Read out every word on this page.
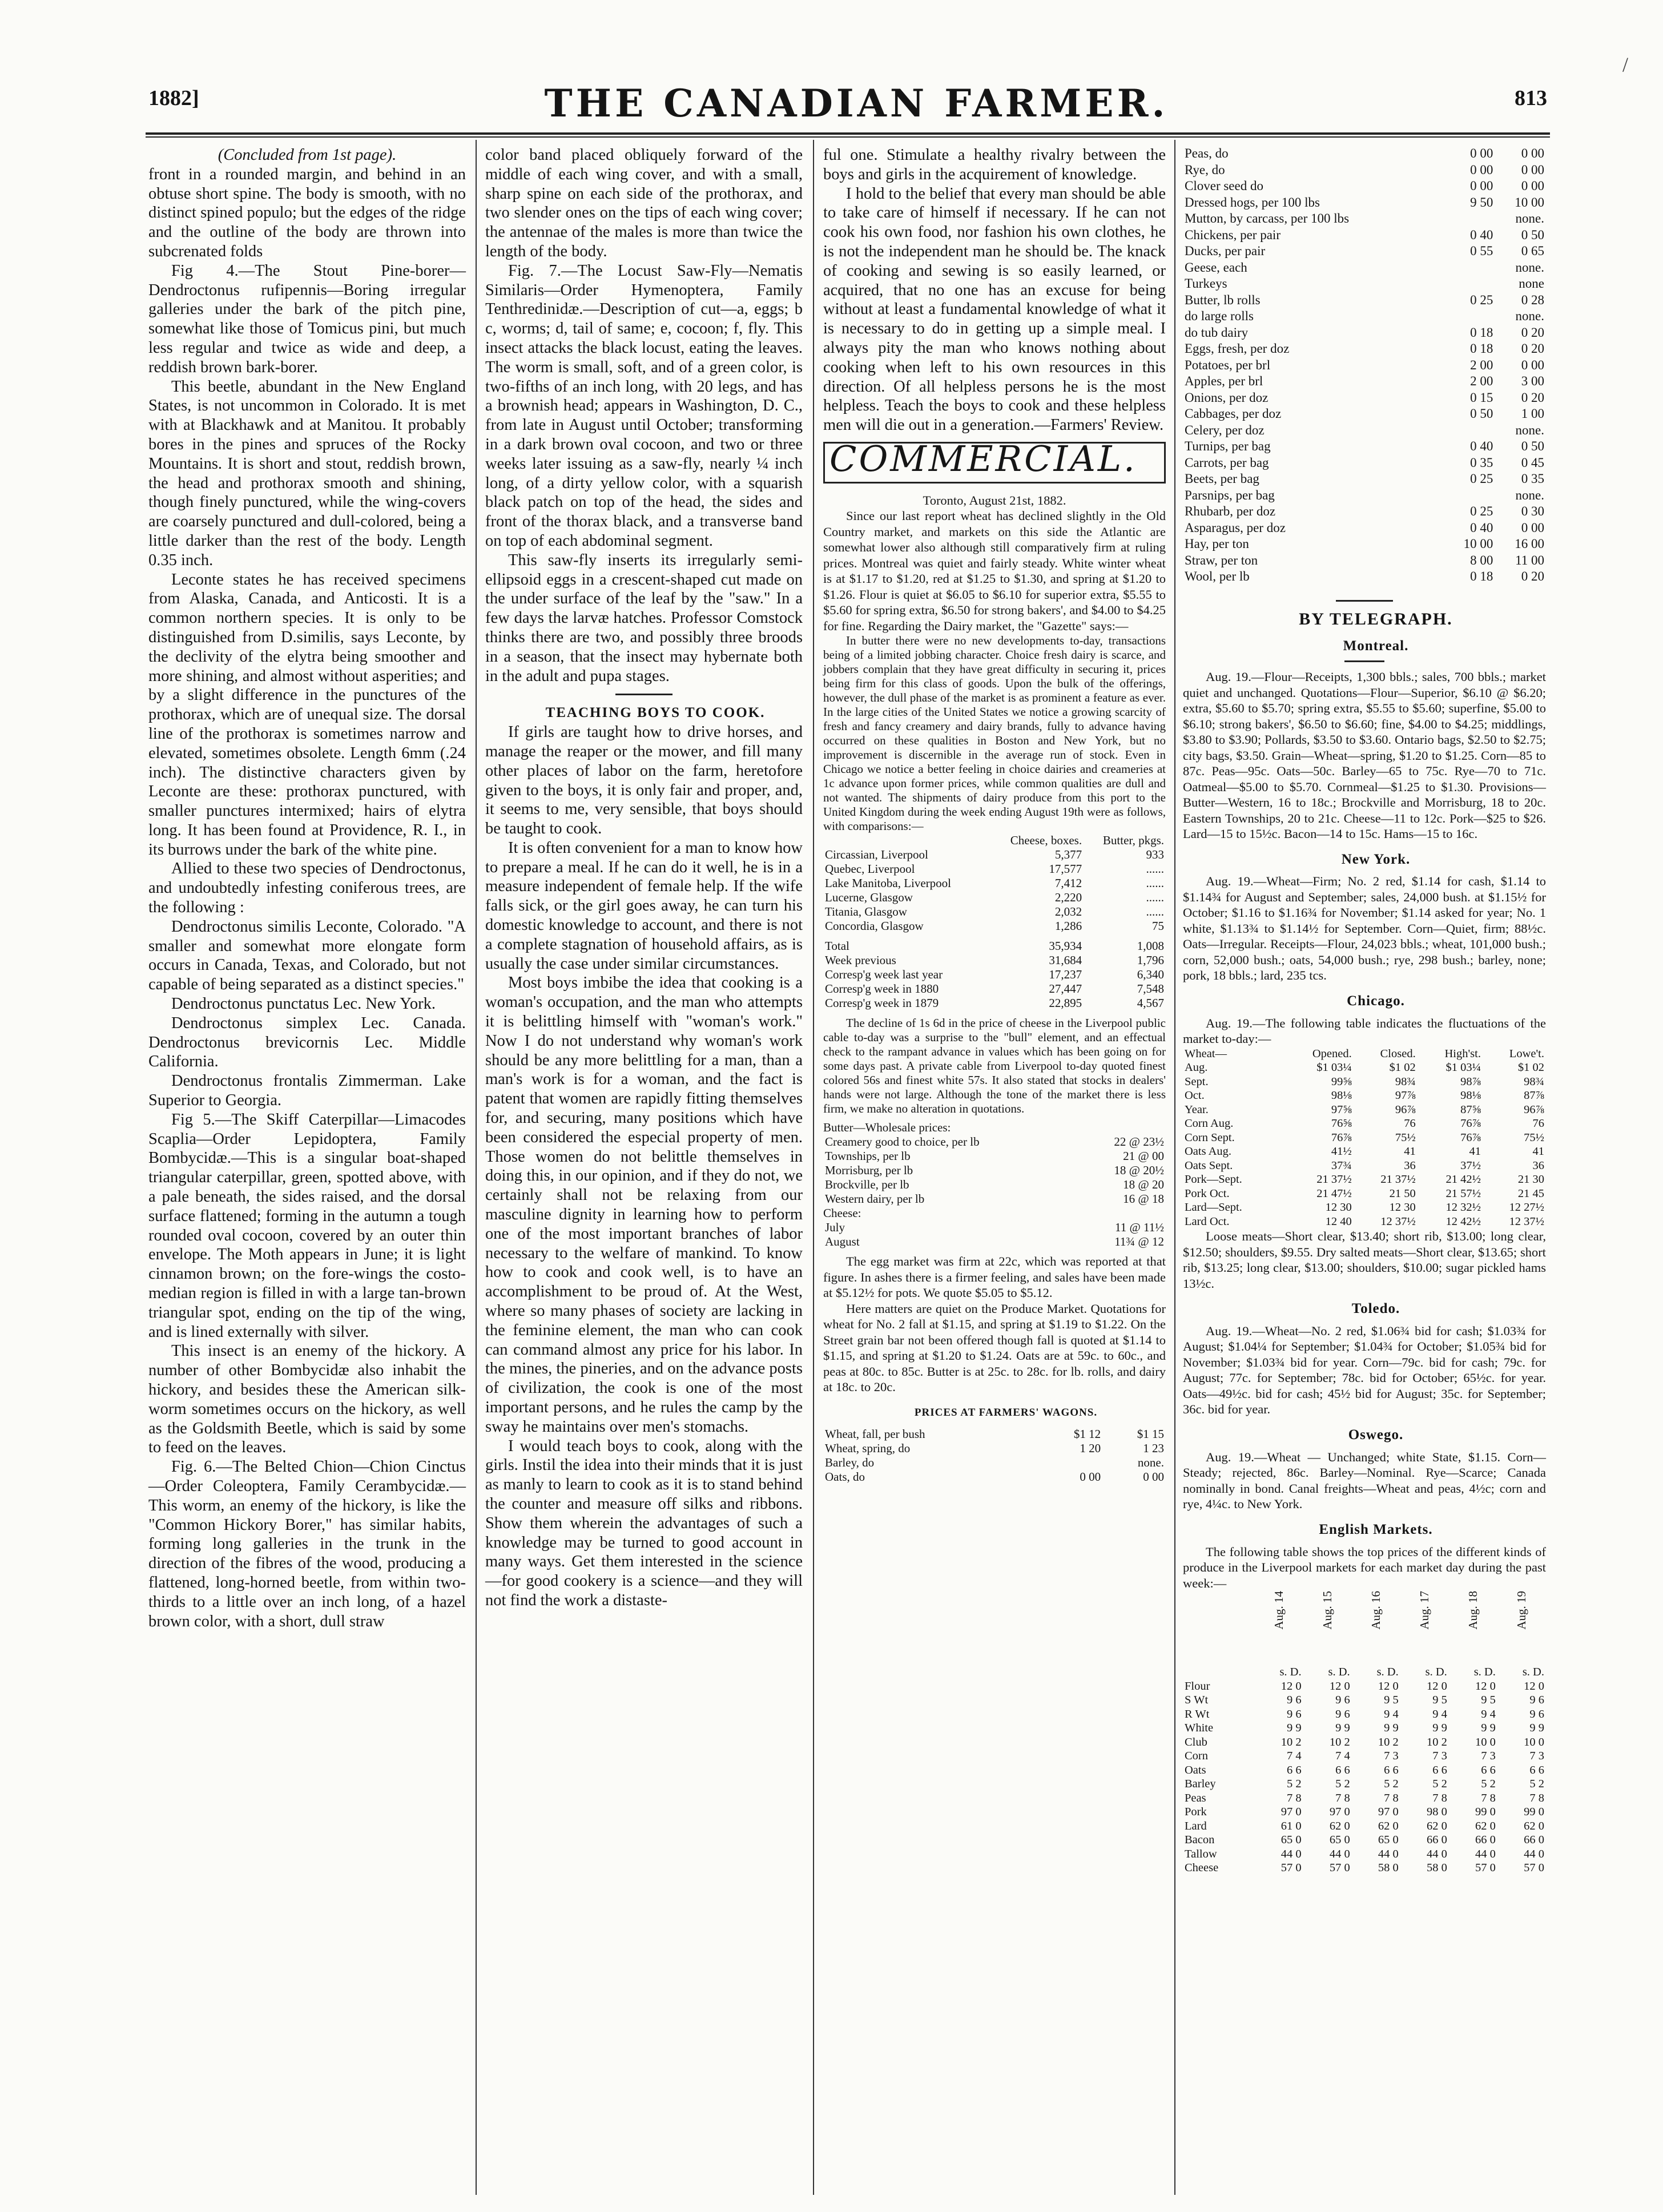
1882]	THE CANADIAN FARMER.	813
/

(Concluded from 1st page).

front in a rounded margin, and behind in an obtuse short spine. The body is smooth, with no distinct spined populo; but the edges of the ridge and the outline of the body are thrown into subcrenated folds

Fig 4.—The Stout Pine-borer—Dendroctonus rufipennis—Boring irregular galleries under the bark of the pitch pine, somewhat like those of Tomicus pini, but much less regular and twice as wide and deep, a reddish brown bark-borer.

This beetle, abundant in the New England States, is not uncommon in Colorado. It is met with at Blackhawk and at Manitou. It probably bores in the pines and spruces of the Rocky Mountains. It is short and stout, reddish brown, the head and prothorax smooth and shining, though finely punctured, while the wing-covers are coarsely punctured and dull-colored, being a little darker than the rest of the body. Length 0.35 inch.

Leconte states he has received specimens from Alaska, Canada, and Anticosti. It is a common northern species. It is only to be distinguished from D.similis, says Leconte, by the declivity of the elytra being smoother and more shining, and almost without asperities; and by a slight difference in the punctures of the prothorax, which are of unequal size. The dorsal line of the prothorax is sometimes narrow and elevated, sometimes obsolete. Length 6mm (.24 inch). The distinctive characters given by Leconte are these: prothorax punctured, with smaller punctures intermixed; hairs of elytra long. It has been found at Providence, R. I., in its burrows under the bark of the white pine.

Allied to these two species of Dendroctonus, and undoubtedly infesting coniferous trees, are the following :

Dendroctonus similis Leconte, Colorado. "A smaller and somewhat more elongate form occurs in Canada, Texas, and Colorado, but not capable of being separated as a distinct species."

Dendroctonus punctatus Lec. New York.

Dendroctonus simplex Lec. Canada. Dendroctonus brevicornis Lec. Middle California.

Dendroctonus frontalis Zimmerman. Lake Superior to Georgia.

Fig 5.—The Skiff Caterpillar—Limacodes Scaplia—Order Lepidoptera, Family Bombycidæ.—This is a singular boat-shaped triangular caterpillar, green, spotted above, with a pale beneath, the sides raised, and the dorsal surface flattened; forming in the autumn a tough rounded oval cocoon, covered by an outer thin envelope. The Moth appears in June; it is light cinnamon brown; on the fore-wings the costo-median region is filled in with a large tan-brown triangular spot, ending on the tip of the wing, and is lined externally with silver.

This insect is an enemy of the hickory. A number of other Bombycidæ also inhabit the hickory, and besides these the American silk-worm sometimes occurs on the hickory, as well as the Goldsmith Beetle, which is said by some to feed on the leaves.

Fig. 6.—The Belted Chion—Chion Cinctus—Order Coleoptera, Family Cerambycidæ.—This worm, an enemy of the hickory, is like the "Common Hickory Borer," has similar habits, forming long galleries in the trunk in the direction of the fibres of the wood, producing a flattened, long-horned beetle, from within two-thirds to a little over an inch long, of a hazel brown color, with a short, dull straw

color band placed obliquely forward of the middle of each wing cover, and with a small, sharp spine on each side of the prothorax, and two slender ones on the tips of each wing cover; the antennae of the males is more than twice the length of the body.

Fig. 7.—The Locust Saw-Fly—Nematis Similaris—Order Hymenoptera, Family Tenthredinidæ.—Description of cut—a, eggs; b c, worms; d, tail of same; e, cocoon; f, fly. This insect attacks the black locust, eating the leaves. The worm is small, soft, and of a green color, is two-fifths of an inch long, with 20 legs, and has a brownish head; appears in Washington, D. C., from late in August until October; transforming in a dark brown oval cocoon, and two or three weeks later issuing as a saw-fly, nearly ¼ inch long, of a dirty yellow color, with a squarish black patch on top of the head, the sides and front of the thorax black, and a transverse band on top of each abdominal segment.

This saw-fly inserts its irregularly semi-ellipsoid eggs in a crescent-shaped cut made on the under surface of the leaf by the "saw." In a few days the larvæ hatches. Professor Comstock thinks there are two, and possibly three broods in a season, that the insect may hybernate both in the adult and pupa stages.

TEACHING BOYS TO COOK.

If girls are taught how to drive horses, and manage the reaper or the mower, and fill many other places of labor on the farm, heretofore given to the boys, it is only fair and proper, and, it seems to me, very sensible, that boys should be taught to cook.

It is often convenient for a man to know how to prepare a meal. If he can do it well, he is in a measure independent of female help. If the wife falls sick, or the girl goes away, he can turn his domestic knowledge to account, and there is not a complete stagnation of household affairs, as is usually the case under similar circumstances.

Most boys imbibe the idea that cooking is a woman's occupation, and the man who attempts it is belittling himself with "woman's work." Now I do not understand why woman's work should be any more belittling for a man, than a man's work is for a woman, and the fact is patent that women are rapidly fitting themselves for, and securing, many positions which have been considered the especial property of men. Those women do not belittle themselves in doing this, in our opinion, and if they do not, we certainly shall not be relaxing from our masculine dignity in learning how to perform one of the most important branches of labor necessary to the welfare of mankind. To know how to cook and cook well, is to have an accomplishment to be proud of. At the West, where so many phases of society are lacking in the feminine element, the man who can cook can command almost any price for his labor. In the mines, the pineries, and on the advance posts of civilization, the cook is one of the most important persons, and he rules the camp by the sway he maintains over men's stomachs.

I would teach boys to cook, along with the girls. Instil the idea into their minds that it is just as manly to learn to cook as it is to stand behind the counter and measure off silks and ribbons. Show them wherein the advantages of such a knowledge may be turned to good account in many ways. Get them interested in the science—for good cookery is a science—and they will not find the work a distaste-

ful one. Stimulate a healthy rivalry between the boys and girls in the acquirement of knowledge.

I hold to the belief that every man should be able to take care of himself if necessary. If he can not cook his own food, nor fashion his own clothes, he is not the independent man he should be. The knack of cooking and sewing is so easily learned, or acquired, that no one has an excuse for being without at least a fundamental knowledge of what it is necessary to do in getting up a simple meal. I always pity the man who knows nothing about cooking when left to his own resources in this direction. Of all helpless persons he is the most helpless. Teach the boys to cook and these helpless men will die out in a generation.—Farmers' Review.

COMMERCIAL.

Toronto, August 21st, 1882.

Since our last report wheat has declined slightly in the Old Country market, and markets on this side the Atlantic are somewhat lower also although still comparatively firm at ruling prices. Montreal was quiet and fairly steady. White winter wheat is at $1.17 to $1.20, red at $1.25 to $1.30, and spring at $1.20 to $1.26. Flour is quiet at $6.05 to $6.10 for superior extra, $5.55 to $5.60 for spring extra, $6.50 for strong bakers', and $4.00 to $4.25 for fine. Regarding the Dairy market, the "Gazette" says:—

In butter there were no new developments to-day, transactions being of a limited jobbing character. Choice fresh dairy is scarce, and jobbers complain that they have great difficulty in securing it, prices being firm for this class of goods. Upon the bulk of the offerings, however, the dull phase of the market is as prominent a feature as ever. In the large cities of the United States we notice a growing scarcity of fresh and fancy creamery and dairy brands, fully to advance having occurred on these qualities in Boston and New York, but no improvement is discernible in the average run of stock. Even in Chicago we notice a better feeling in choice dairies and creameries at 1c advance upon former prices, while common qualities are dull and not wanted. The shipments of dairy produce from this port to the United Kingdom during the week ending August 19th were as follows, with comparisons:—

	Cheese, boxes.	Butter, pkgs.
Circassian, Liverpool	5,377	933
Quebec, Liverpool	17,577	......
Lake Manitoba, Liverpool	7,412	......
Lucerne, Glasgow	2,220	......
Titania, Glasgow	2,032	......
Concordia, Glasgow	1,286	75

Total	35,934	1,008
Week previous	31,684	1,796
Corresp'g week last year	17,237	6,340
Corresp'g week in 1880	27,447	7,548
Corresp'g week in 1879	22,895	4,567

The decline of 1s 6d in the price of cheese in the Liverpool public cable to-day was a surprise to the "bull" element, and an effectual check to the rampant advance in values which has been going on for some days past. A private cable from Liverpool to-day quoted finest colored 56s and finest white 57s. It also stated that stocks in dealers' hands were not large. Although the tone of the market there is less firm, we make no alteration in quotations.

Butter—Wholesale prices:

Creamery good to choice, per lb	22 @ 23½
Townships, per lb	21 @ 00
Morrisburg, per lb	18 @ 20½
Brockville, per lb	18 @ 20
Western dairy, per lb	16 @ 18

Cheese:

July	11 @ 11½
August	11¾ @ 12

The egg market was firm at 22c, which was reported at that figure. In ashes there is a firmer feeling, and sales have been made at $5.12½ for pots. We quote $5.05 to $5.12.

Here matters are quiet on the Produce Market. Quotations for wheat for No. 2 fall at $1.15, and spring at $1.19 to $1.22. On the Street grain bar not been offered though fall is quoted at $1.14 to $1.15, and spring at $1.20 to $1.24. Oats are at 59c. to 60c., and peas at 80c. to 85c. Butter is at 25c. to 28c. for lb. rolls, and dairy at 18c. to 20c.

PRICES AT FARMERS' WAGONS.

Wheat, fall, per bush	$1 12	$1 15
Wheat, spring, do	1 20	1 23
Barley, do		none.
Oats, do	0 00	0 00
Peas, do	0 00	0 00
Rye, do	0 00	0 00
Clover seed do	0 00	0 00
Dressed hogs, per 100 lbs	9 50	10 00
Mutton, by carcass, per 100 lbs		none.
Chickens, per pair	0 40	0 50
Ducks, per pair	0 55	0 65
Geese, each		none.
Turkeys		none
Butter, lb rolls	0 25	0 28
do large rolls		none.
do tub dairy	0 18	0 20
Eggs, fresh, per doz	0 18	0 20
Potatoes, per brl	2 00	0 00
Apples, per brl	2 00	3 00
Onions, per doz	0 15	0 20
Cabbages, per doz	0 50	1 00
Celery, per doz		none.
Turnips, per bag	0 40	0 50
Carrots, per bag	0 35	0 45
Beets, per bag	0 25	0 35
Parsnips, per bag		none.
Rhubarb, per doz	0 25	0 30
Asparagus, per doz	0 40	0 00
Hay, per ton	10 00	16 00
Straw, per ton	8 00	11 00
Wool, per lb	0 18	0 20

BY TELEGRAPH.

Montreal.

Aug. 19.—Flour—Receipts, 1,300 bbls.; sales, 700 bbls.; market quiet and unchanged. Quotations—Flour—Superior, $6.10 @ $6.20; extra, $5.60 to $5.70; spring extra, $5.55 to $5.60; superfine, $5.00 to $6.10; strong bakers', $6.50 to $6.60; fine, $4.00 to $4.25; middlings, $3.80 to $3.90; Pollards, $3.50 to $3.60. Ontario bags, $2.50 to $2.75; city bags, $3.50. Grain—Wheat—spring, $1.20 to $1.25. Corn—85 to 87c. Peas—95c. Oats—50c. Barley—65 to 75c. Rye—70 to 71c. Oatmeal—$5.00 to $5.70. Cornmeal—$1.25 to $1.30. Provisions—Butter—Western, 16 to 18c.; Brockville and Morrisburg, 18 to 20c. Eastern Townships, 20 to 21c. Cheese—11 to 12c. Pork—$25 to $26. Lard—15 to 15½c. Bacon—14 to 15c. Hams—15 to 16c.

New York.

Aug. 19.—Wheat—Firm; No. 2 red, $1.14 for cash, $1.14 to $1.14¾ for August and September; sales, 24,000 bush. at $1.15½ for October; $1.16 to $1.16¾ for November; $1.14 asked for year; No. 1 white, $1.13¾ to $1.14½ for September. Corn—Quiet, firm; 88½c. Oats—Irregular. Receipts—Flour, 24,023 bbls.; wheat, 101,000 bush.; corn, 52,000 bush.; oats, 54,000 bush.; rye, 298 bush.; barley, none; pork, 18 bbls.; lard, 235 tcs.

Chicago.

Aug. 19.—The following table indicates the fluctuations of the market to-day:—

Wheat—	Opened.	Closed.	High'st.	Lowe't.
Aug.	$1 03¼	$1 02	$1 03¼	$1 02
Sept.	99⅝	98¾	98⅞	98¾
Oct.	98⅛	97⅞	98⅛	87⅞
Year.	97⅝	96⅞	87⅝	96⅞
Corn Aug.	76⅝	76	76⅞	76
Corn Sept.	76⅞	75½	76⅞	75½
Oats Aug.	41½	41	41	41
Oats Sept.	37¾	36	37½	36
Pork—Sept.	21 37½	21 37½	21 42½	21 30
Pork Oct.	21 47½	21 50	21 57½	21 45
Lard—Sept.	12 30	12 30	12 32½	12 27½
Lard Oct.	12 40	12 37½	12 42½	12 37½

Loose meats—Short clear, $13.40; short rib, $13.00; long clear, $12.50; shoulders, $9.55. Dry salted meats—Short clear, $13.65; short rib, $13.25; long clear, $13.00; shoulders, $10.00; sugar pickled hams 13½c.

Toledo.

Aug. 19.—Wheat—No. 2 red, $1.06¾ bid for cash; $1.03¾ for August; $1.04¼ for September; $1.04¾ for October; $1.05¾ bid for November; $1.03¾ bid for year. Corn—79c. bid for cash; 79c. for August; 77c. for September; 78c. bid for October; 65½c. for year. Oats—49½c. bid for cash; 45½ bid for August; 35c. for September; 36c. bid for year.

Oswego.

Aug. 19.—Wheat — Unchanged; white State, $1.15. Corn—Steady; rejected, 86c. Barley—Nominal. Rye—Scarce; Canada nominally in bond. Canal freights—Wheat and peas, 4½c; corn and rye, 4¼c. to New York.

English Markets.

The following table shows the top prices of the different kinds of produce in the Liverpool markets for each market day during the past week:—

	Aug. 14	Aug. 15	Aug. 16	Aug. 17	Aug. 18	Aug. 19

	s. D.	s. D.	s. D.	s. D.	s. D.	s. D.
Flour	12 0	12 0	12 0	12 0	12 0	12 0
S Wt	9 6	9 6	9 5	9 5	9 5	9 6
R Wt	9 6	9 6	9 4	9 4	9 4	9 6
White	9 9	9 9	9 9	9 9	9 9	9 9
Club	10 2	10 2	10 2	10 2	10 0	10 0
Corn	7 4	7 4	7 3	7 3	7 3	7 3
Oats	6 6	6 6	6 6	6 6	6 6	6 6
Barley	5 2	5 2	5 2	5 2	5 2	5 2
Peas	7 8	7 8	7 8	7 8	7 8	7 8
Pork	97 0	97 0	97 0	98 0	99 0	99 0
Lard	61 0	62 0	62 0	62 0	62 0	62 0
Bacon	65 0	65 0	65 0	66 0	66 0	66 0
Tallow	44 0	44 0	44 0	44 0	44 0	44 0
Cheese	57 0	57 0	58 0	58 0	57 0	57 0
